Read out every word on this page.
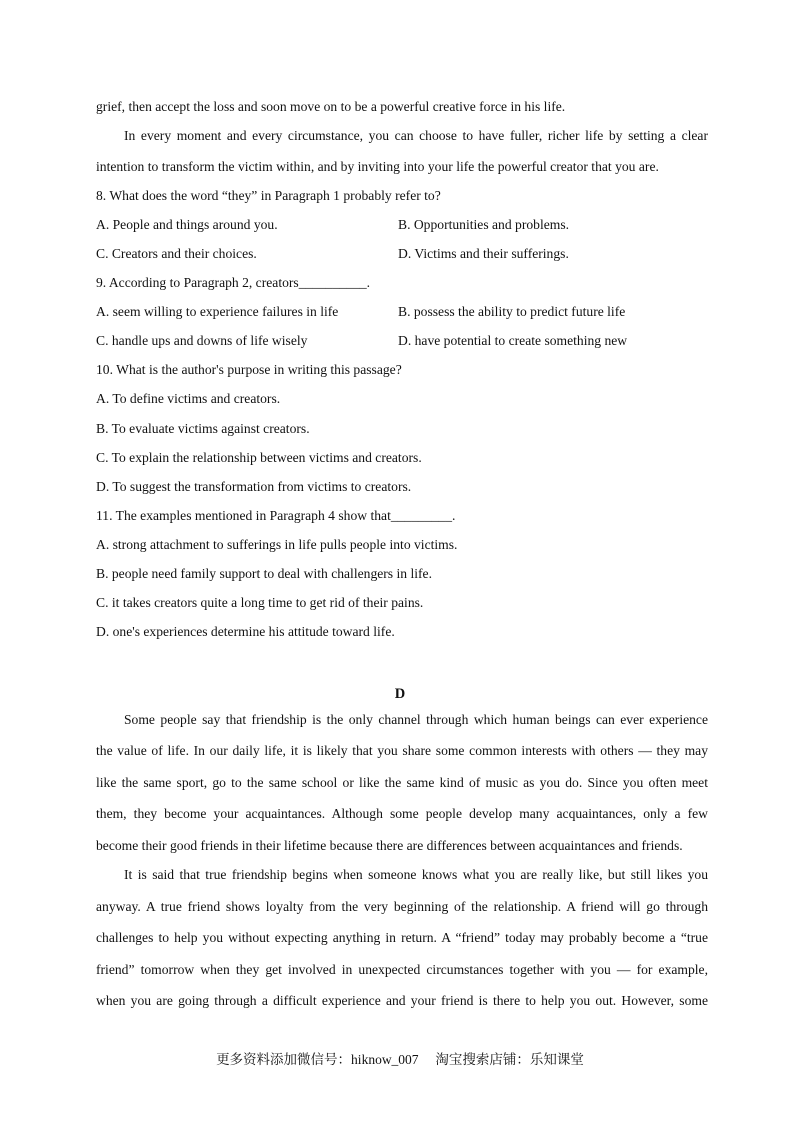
grief, then accept the loss and soon move on to be a powerful creative force in his life.
In every moment and every circumstance, you can choose to have fuller, richer life by setting a clear
intention to transform the victim within, and by inviting into your life the powerful creator that you are.
8. What does the word “they” in Paragraph 1 probably refer to?
A. People and things around you.	B. Opportunities and problems.
C. Creators and their choices.	D. Victims and their sufferings.
9. According to Paragraph 2, creators__________.
A. seem willing to experience failures in life	B. possess the ability to predict future life
C. handle ups and downs of life wisely	D. have potential to create something new
10. What is the author's purpose in writing this passage?
A. To define victims and creators.
B. To evaluate victims against creators.
C. To explain the relationship between victims and creators.
D. To suggest the transformation from victims to creators.
11. The examples mentioned in Paragraph 4 show that_________.
A. strong attachment to sufferings in life pulls people into victims.
B. people need family support to deal with challengers in life.
C. it takes creators quite a long time to get rid of their pains.
D. one's experiences determine his attitude toward life.
D
Some people say that friendship is the only channel through which human beings can ever experience
the value of life. In our daily life, it is likely that you share some common interests with others — they may
like the same sport, go to the same school or like the same kind of music as you do. Since you often meet
them, they become your acquaintances. Although some people develop many acquaintances, only a few
become their good friends in their lifetime because there are differences between acquaintances and friends.
It is said that true friendship begins when someone knows what you are really like, but still likes you
anyway. A true friend shows loyalty from the very beginning of the relationship. A friend will go through
challenges to help you without expecting anything in return. A “friend” today may probably become a “true
friend” tomorrow when they get involved in unexpected circumstances together with you — for example,
when you are going through a difficult experience and your friend is there to help you out. However, some
更多资料添加微信号：hiknow_007　 淘宝搜索店铺：乐知课堂
